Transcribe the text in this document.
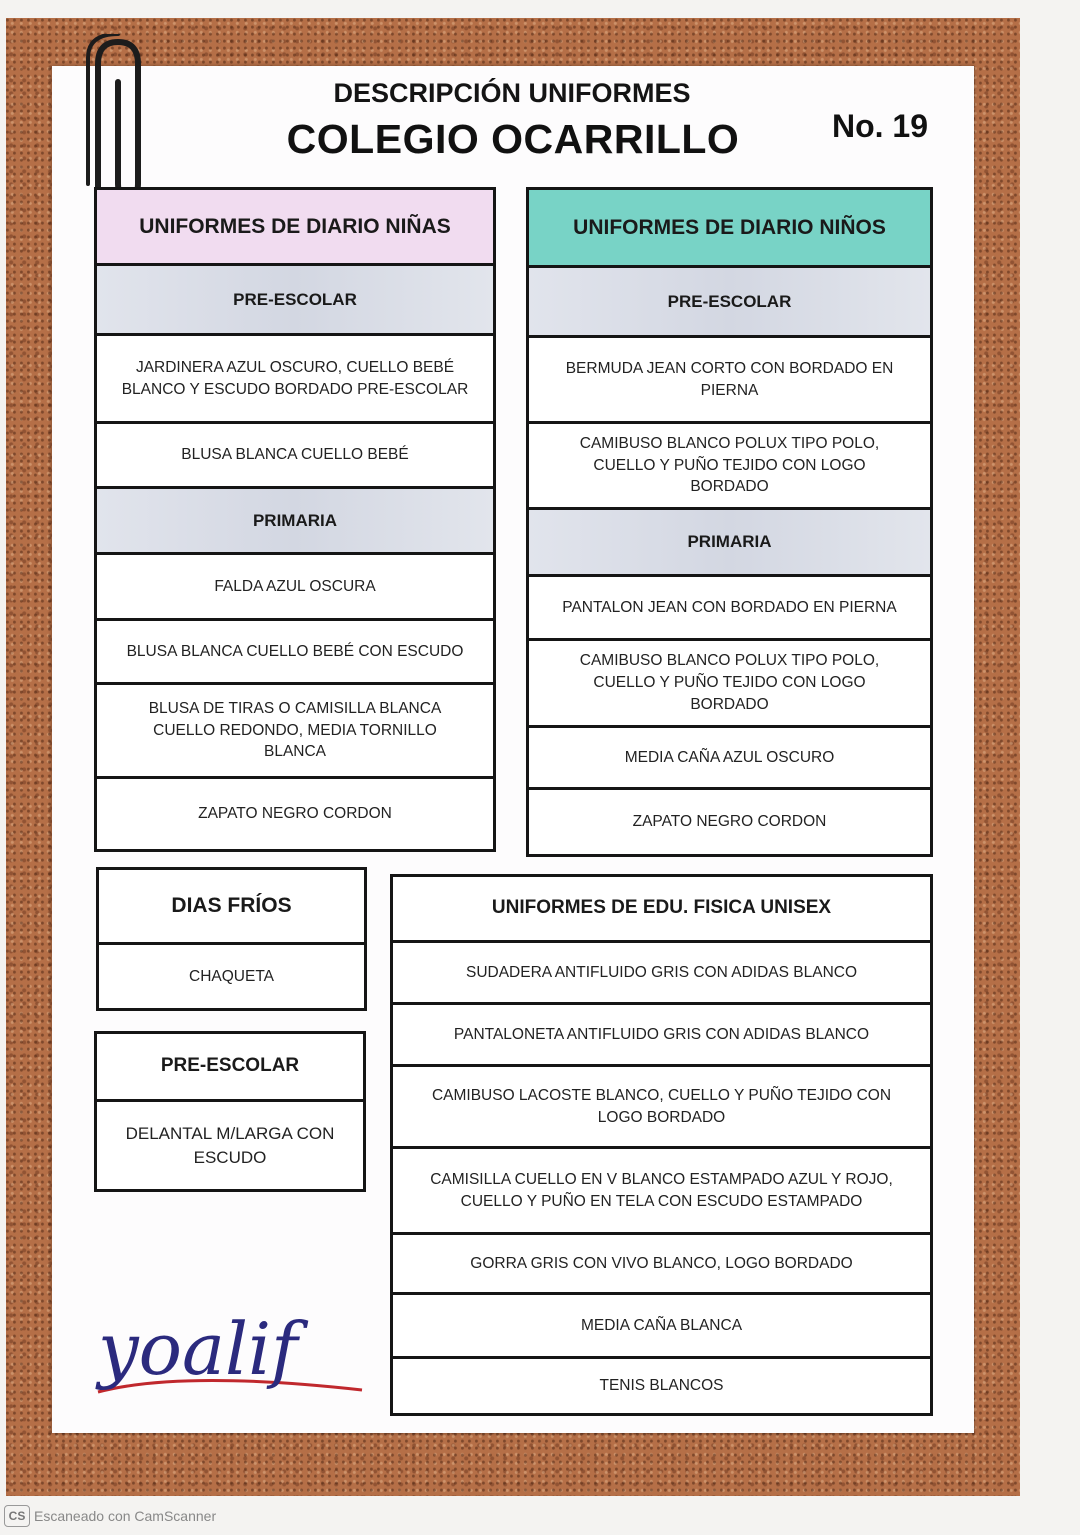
DESCRIPCIÓN UNIFORMES
COLEGIO OCARRILLO	No. 19
UNIFORMES DE DIARIO NIÑAS
PRE-ESCOLAR
JARDINERA AZUL OSCURO, CUELLO BEBÉ BLANCO Y ESCUDO BORDADO PRE-ESCOLAR
BLUSA BLANCA CUELLO BEBÉ
PRIMARIA
FALDA AZUL OSCURA
BLUSA BLANCA CUELLO BEBÉ CON ESCUDO
BLUSA DE TIRAS O CAMISILLA BLANCA CUELLO REDONDO, MEDIA TORNILLO BLANCA
ZAPATO NEGRO CORDON
UNIFORMES DE DIARIO NIÑOS
PRE-ESCOLAR
BERMUDA JEAN CORTO CON BORDADO EN PIERNA
CAMIBUSO BLANCO POLUX TIPO POLO, CUELLO Y PUÑO TEJIDO CON LOGO BORDADO
PRIMARIA
PANTALON JEAN CON BORDADO EN PIERNA
CAMIBUSO BLANCO POLUX TIPO POLO, CUELLO Y PUÑO TEJIDO CON LOGO BORDADO
MEDIA CAÑA AZUL OSCURO
ZAPATO NEGRO CORDON
DIAS FRÍOS
CHAQUETA
PRE-ESCOLAR
DELANTAL M/LARGA CON ESCUDO
UNIFORMES DE EDU. FISICA UNISEX
SUDADERA ANTIFLUIDO GRIS CON ADIDAS BLANCO
PANTALONETA ANTIFLUIDO GRIS CON ADIDAS BLANCO
CAMIBUSO LACOSTE BLANCO, CUELLO Y PUÑO TEJIDO CON LOGO BORDADO
CAMISILLA CUELLO EN V BLANCO ESTAMPADO AZUL Y ROJO, CUELLO Y PUÑO EN TELA CON ESCUDO ESTAMPADO
GORRA GRIS CON VIVO BLANCO, LOGO BORDADO
MEDIA CAÑA BLANCA
TENIS BLANCOS
yoalif
CS Escaneado con CamScanner
